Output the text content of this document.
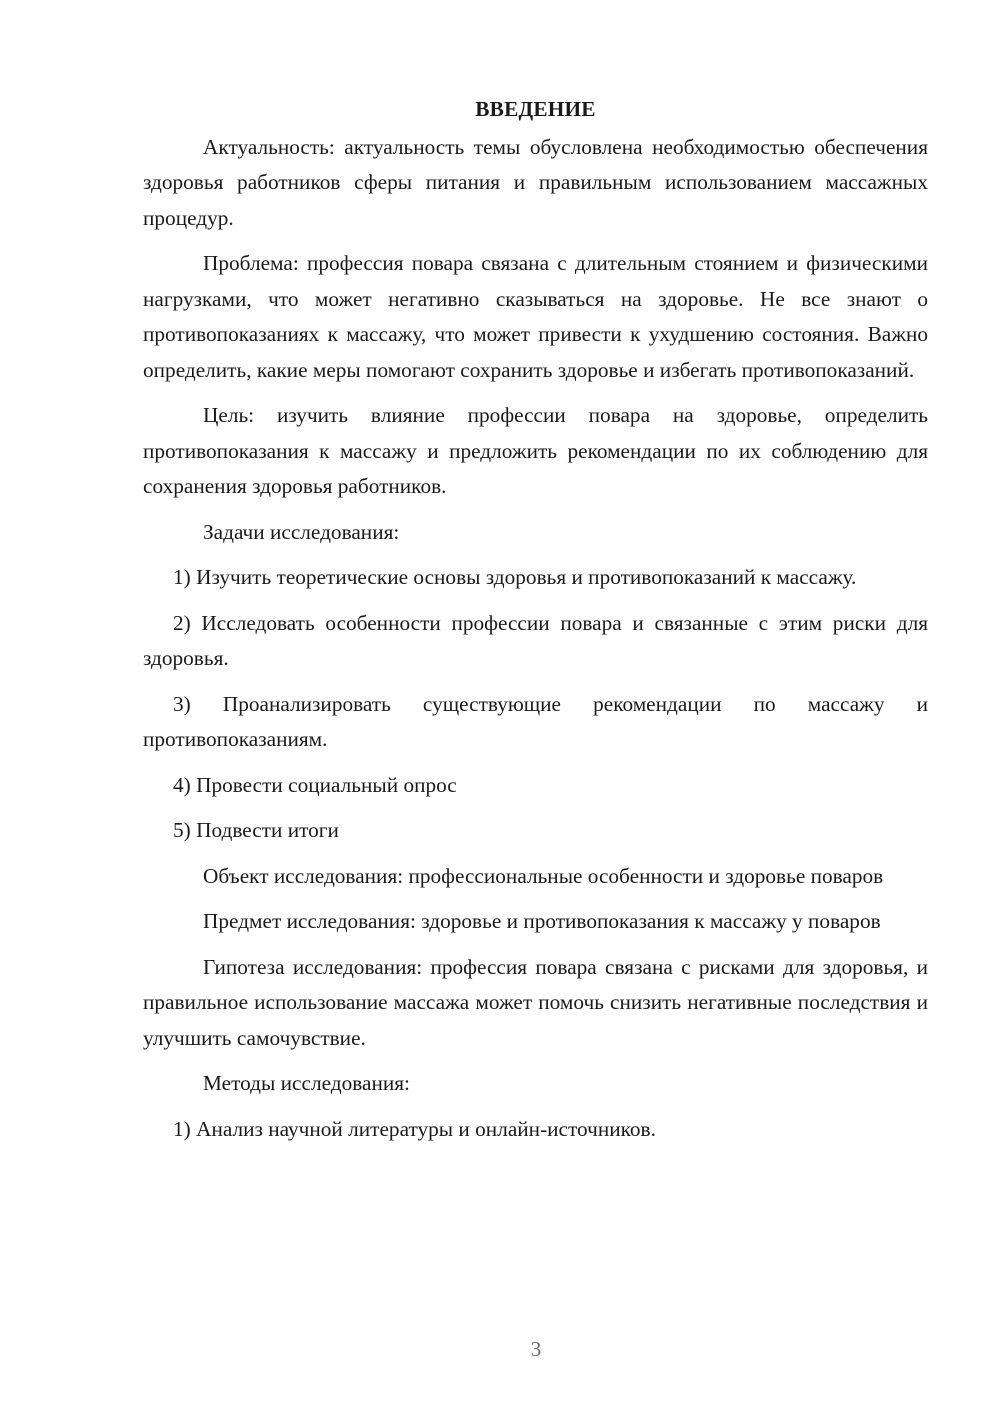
ВВЕДЕНИЕ

Актуальность: актуальность темы обусловлена необходимостью обеспечения здоровья работников сферы питания и правильным использованием массажных процедур.

Проблема: профессия повара связана с длительным стоянием и физическими нагрузками, что может негативно сказываться на здоровье. Не все знают о противопоказаниях к массажу, что может привести к ухудшению состояния. Важно определить, какие меры помогают сохранить здоровье и избегать противопоказаний.

Цель: изучить влияние профессии повара на здоровье, определить противопоказания к массажу и предложить рекомендации по их соблюдению для сохранения здоровья работников.

Задачи исследования:

1) Изучить теоретические основы здоровья и противопоказаний к массажу.

2) Исследовать особенности профессии повара и связанные с этим риски для здоровья.

3) Проанализировать существующие рекомендации по массажу и противопоказаниям.

4) Провести социальный опрос

5) Подвести итоги

Объект исследования: профессиональные особенности и здоровье поваров

Предмет исследования: здоровье и противопоказания к массажу у поваров

Гипотеза исследования: профессия повара связана с рисками для здоровья, и правильное использование массажа может помочь снизить негативные последствия и улучшить самочувствие.

Методы исследования:

1) Анализ научной литературы и онлайн-источников.

3
